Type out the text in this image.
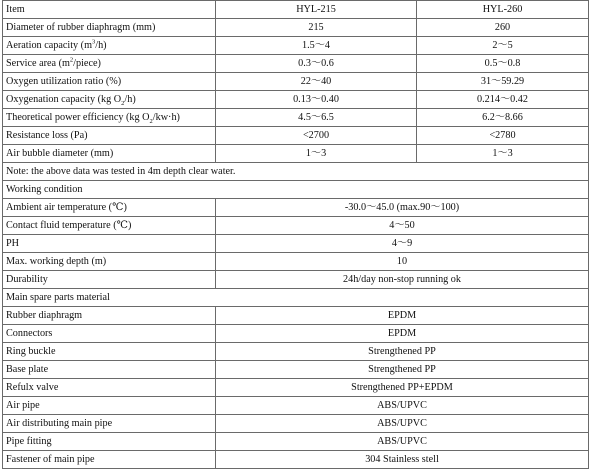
Item	HYL-215	HYL-260
Diameter of rubber diaphragm (mm)	215	260
Aeration capacity $(m^3/h)$	1.5～4	2～5
Service area $(m^2/piece)$	0.3～0.6	0.5～0.8
Oxygen utilization ratio (%)	22～40	31～59.29
Oxygenation capacity (kg $O_2/h$)	0.13～0.40	0.214～0.42
Theoretical power efficiency (kg $O_2/kw\cdot h$)	4.5～6.5	6.2～8.66
Resistance loss (Pa)	<2700	<2780
Air bubble diameter (mm)	1～3	1～3
Note: the above data was tested in 4m depth clear water.		
Working condition		
Ambient air temperature (℃)	-30.0～45.0 (max.90～100)	
Contact fluid temperature (℃)	4～50	
PH	4～9	
Max. working depth (m)	10	
Durability	24h/day non-stop running ok	
Main spare parts material		
Rubber diaphragm	EPDM	
Connectors	EPDM	
Ring buckle	Strengthened PP	
Base plate	Strengthened PP	
Refulx valve	Strengthened PP+EPDM	
Air pipe	ABS/UPVC	
Air distributing main pipe	ABS/UPVC	
Pipe fitting	ABS/UPVC	
Fastener of main pipe	304 Stainless stell	
